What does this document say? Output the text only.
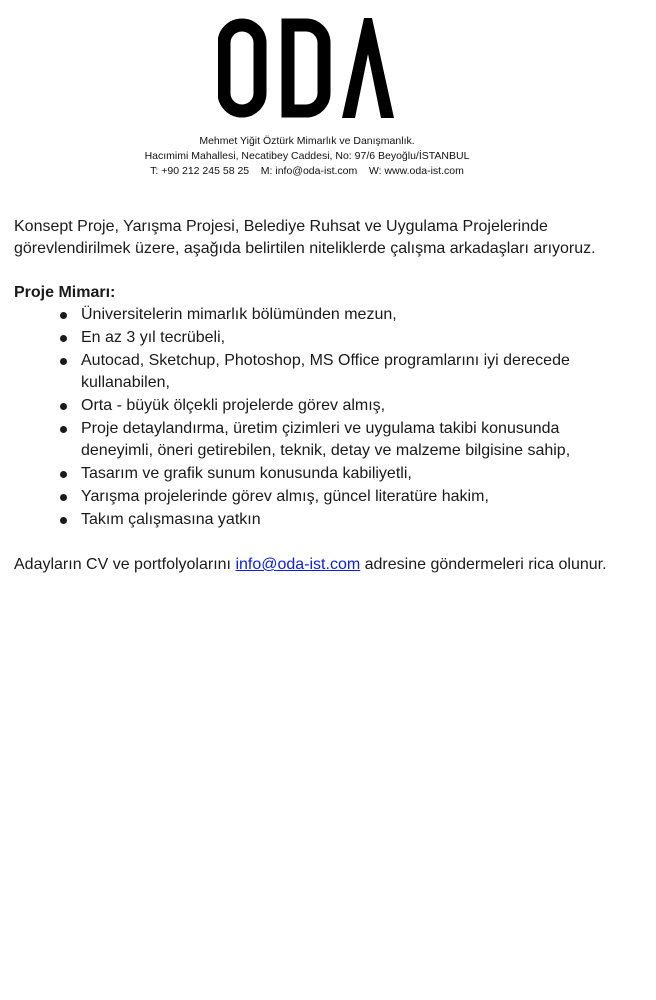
Mehmet Yiğit Öztürk Mimarlık ve Danışmanlık.
Hacımimi Mahallesi, Necatibey Caddesi, No: 97/6 Beyoğlu/İSTANBUL
T: +90 212 245 58 25    M: info@oda-ist.com    W: www.oda-ist.com

Konsept Proje, Yarışma Projesi, Belediye Ruhsat ve Uygulama Projelerinde görevlendirilmek üzere, aşağıda belirtilen niteliklerde çalışma arkadaşları arıyoruz.

Proje Mimarı:

Üniversitelerin mimarlık bölümünden mezun,
En az 3 yıl tecrübeli,
Autocad, Sketchup, Photoshop, MS Office programlarını iyi derecede kullanabilen,
Orta - büyük ölçekli projelerde görev almış,
Proje detaylandırma, üretim çizimleri ve uygulama takibi konusunda deneyimli, öneri getirebilen, teknik, detay ve malzeme bilgisine sahip,
Tasarım ve grafik sunum konusunda kabiliyetli,
Yarışma projelerinde görev almış, güncel literatüre hakim,
Takım çalışmasına yatkın

Adayların CV ve portfolyolarını info@oda-ist.com adresine göndermeleri rica olunur.
